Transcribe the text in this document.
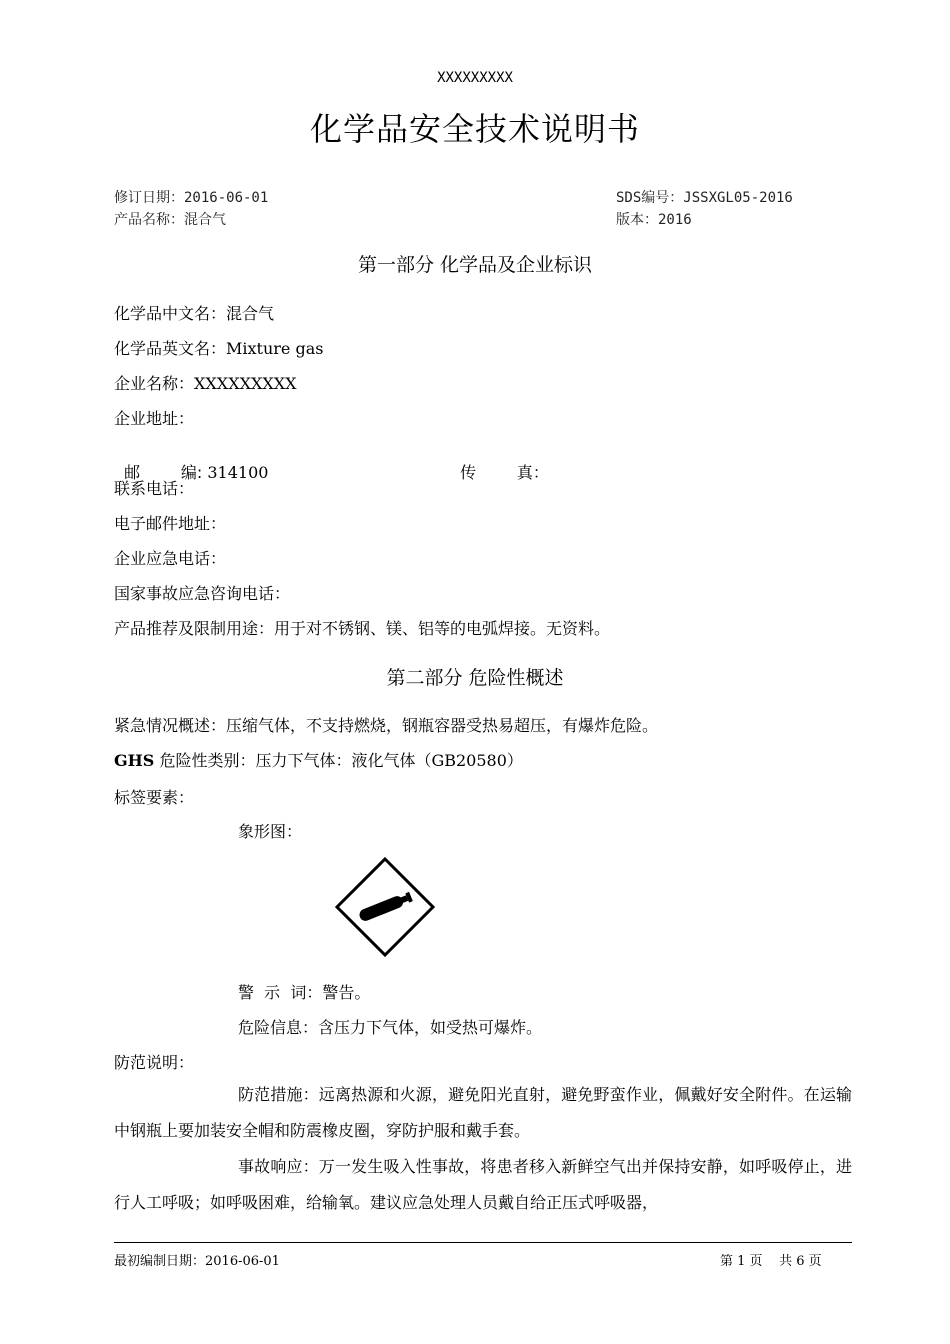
XXXXXXXXX
化学品安全技术说明书
修订日期：2016-06-01	SDS编号：JSSXGL05-2016
产品名称：混合气	版本：2016
第一部分 化学品及企业标识
化学品中文名：混合气
化学品英文名：Mixture gas
企业名称：XXXXXXXXX
企业地址：

邮        编: 314100	传        真：

联系电话：
电子邮件地址：
企业应急电话：
国家事故应急咨询电话：
产品推荐及限制用途：用于对不锈钢、镁、铝等的电弧焊接。无资料。
第二部分 危险性概述
紧急情况概述：压缩气体，不支持燃烧，钢瓶容器受热易超压，有爆炸危险。
GHS 危险性类别：压力下气体：液化气体（GB20580）
标签要素：
象形图：
警  示  词：警告。
危险信息：含压力下气体，如受热可爆炸。
防范说明：
防范措施：远离热源和火源，避免阳光直射，避免野蛮作业，佩戴好安全附件。在运输中钢瓶上要加装安全帽和防震橡皮圈，穿防护服和戴手套。
事故响应：万一发生吸入性事故，将患者移入新鲜空气出并保持安静，如呼吸停止，进行人工呼吸；如呼吸困难，给输氧。建议应急处理人员戴自给正压式呼吸器，
最初编制日期：2016-06-01	第 1 页    共 6 页
